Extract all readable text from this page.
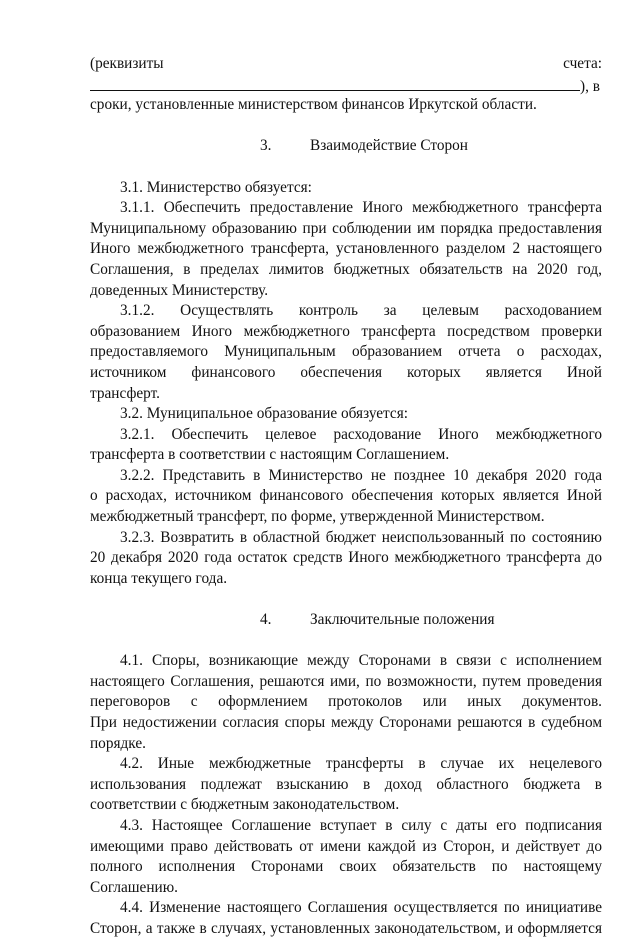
(реквизиты	счета:
), в
сроки, установленные министерством финансов Иркутской области.
3.	Взаимодействие Сторон
3.1. Министерство обязуется:
3.1.1. Обеспечить предоставление Иного межбюджетного трансферта
Муниципальному образованию при соблюдении им порядка предоставления
Иного межбюджетного трансферта, установленного разделом 2 настоящего
Соглашения, в пределах лимитов бюджетных обязательств на 2020 год,
доведенных Министерству.
3.1.2. Осуществлять контроль за целевым расходованием
образованием Иного межбюджетного трансферта посредством проверки
предоставляемого Муниципальным образованием отчета о расходах,
источником финансового обеспечения которых является Иной
трансферт.
3.2. Муниципальное образование обязуется:
3.2.1. Обеспечить целевое расходование Иного межбюджетного
трансферта в соответствии с настоящим Соглашением.
3.2.2. Представить в Министерство не позднее 10 декабря 2020 года
о расходах, источником финансового обеспечения которых является Иной
межбюджетный трансферт, по форме, утвержденной Министерством.
3.2.3. Возвратить в областной бюджет неиспользованный по состоянию
20 декабря 2020 года остаток средств Иного межбюджетного трансферта до
конца текущего года.
4.	Заключительные положения
4.1. Споры, возникающие между Сторонами в связи с исполнением
настоящего Соглашения, решаются ими, по возможности, путем проведения
переговоров с оформлением протоколов или иных документов.
При недостижении согласия споры между Сторонами решаются в судебном
порядке.
4.2. Иные межбюджетные трансферты в случае их нецелевого
использования подлежат взысканию в доход областного бюджета в
соответствии с бюджетным законодательством.
4.3. Настоящее Соглашение вступает в силу с даты его подписания
имеющими право действовать от имени каждой из Сторон, и действует до
полного исполнения Сторонами своих обязательств по настоящему
Соглашению.
4.4. Изменение настоящего Соглашения осуществляется по инициативе
Сторон, а также в случаях, установленных законодательством, и оформляется
